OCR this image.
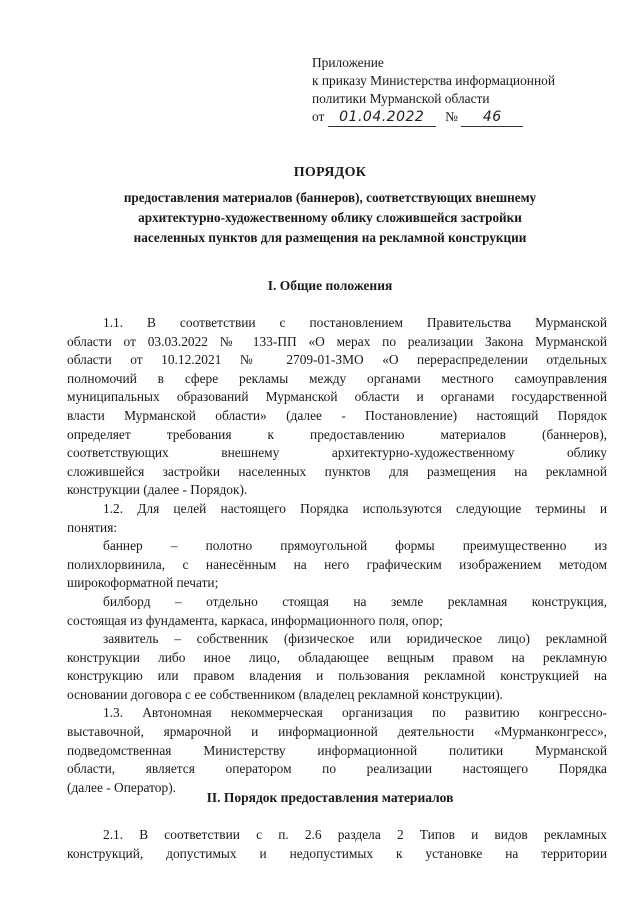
Приложение
к приказу Министерства информационной
политики Мурманской области
от 01.04.2022 № 46
ПОРЯДОК
предоставления материалов (баннеров), соответствующих внешнему
архитектурно-художественному облику сложившейся застройки
населенных пунктов для размещения на рекламной конструкции
I. Общие положения

1.1. В соответствии с постановлением Правительства Мурманской

области от 03.03.2022 № 133-ПП «О мерах по реализации Закона Мурманской

области от 10.12.2021 № 2709-01-ЗМО «О перераспределении отдельных

полномочий в сфере рекламы между органами местного самоуправления

муниципальных образований Мурманской области и органами государственной

власти Мурманской области» (далее - Постановление) настоящий Порядок

определяет требования к предоставлению материалов (баннеров),

соответствующих внешнему архитектурно-художественному облику

сложившейся застройки населенных пунктов для размещения на рекламной

конструкции (далее - Порядок).

1.2. Для целей настоящего Порядка используются следующие термины и

понятия:

баннер – полотно прямоугольной формы преимущественно из

полихлорвинила, с нанесённым на него графическим изображением методом

широкоформатной печати;

билборд – отдельно стоящая на земле рекламная конструкция,

состоящая из фундамента, каркаса, информационного поля, опор;

заявитель – собственник (физическое или юридическое лицо) рекламной

конструкции либо иное лицо, обладающее вещным правом на рекламную

конструкцию или правом владения и пользования рекламной конструкцией на

основании договора с ее собственником (владелец рекламной конструкции).

1.3. Автономная некоммерческая организация по развитию конгрессно-

выставочной, ярмарочной и информационной деятельности «Мурманконгресс»,

подведомственная Министерству информационной политики Мурманской

области, является оператором по реализации настоящего Порядка

(далее - Оператор).

II. Порядок предоставления материалов

2.1. В соответствии с п. 2.6 раздела 2 Типов и видов рекламных

конструкций, допустимых и недопустимых к установке на территории
